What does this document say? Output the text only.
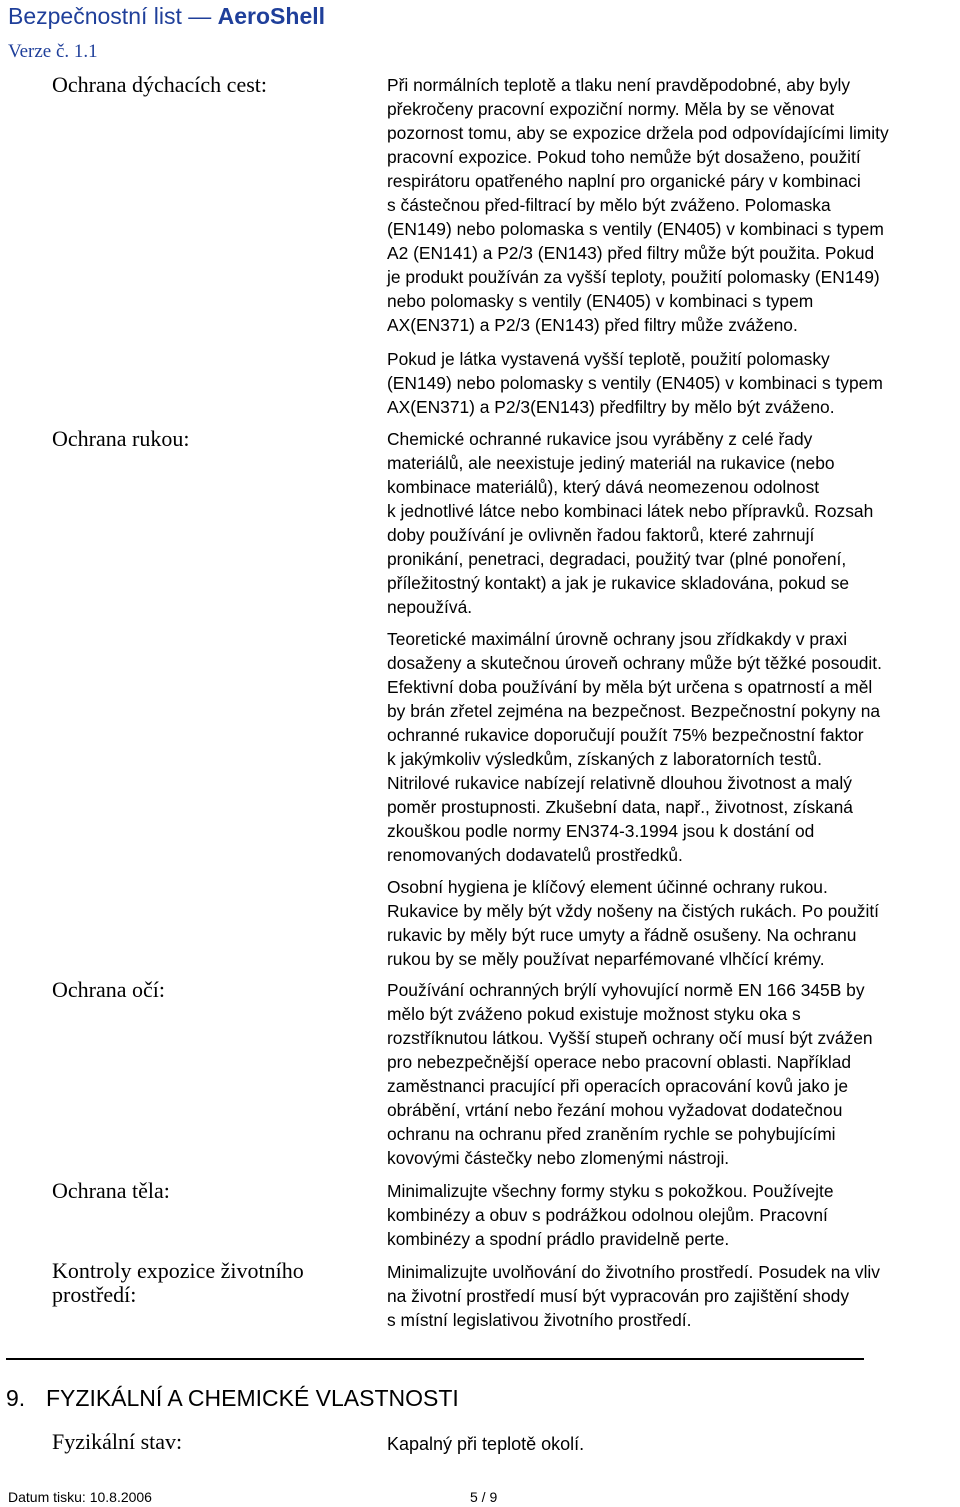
Bezpečnostní list — AeroShell
Verze č. 1.1
Ochrana dýchacích cest:	Při normálních teplotě a tlaku není pravděpodobné, aby byly
překročeny pracovní expoziční normy. Měla by se věnovat
pozornost tomu, aby se expozice držela pod odpovídajícími limity
pracovní expozice. Pokud toho nemůže být dosaženo, použití
respirátoru opatřeného naplní pro organické páry v kombinaci
s částečnou před-filtrací by mělo být zváženo. Polomaska
(EN149) nebo polomaska s ventily (EN405) v kombinaci s typem
A2 (EN141) a P2/3 (EN143) před filtry může být použita. Pokud
je produkt používán za vyšší teploty, použití polomasky (EN149)
nebo polomasky s ventily (EN405) v kombinaci s typem
AX(EN371) a P2/3 (EN143) před filtry může zváženo.

Pokud je látka vystavená vyšší teplotě, použití polomasky
(EN149) nebo polomasky s ventily (EN405) v kombinaci s typem
AX(EN371) a P2/3(EN143) předfiltry by mělo být zváženo.

Ochrana rukou:	Chemické ochranné rukavice jsou vyráběny z celé řady
materiálů, ale neexistuje jediný materiál na rukavice (nebo
kombinace materiálů), který dává neomezenou odolnost
k jednotlivé látce nebo kombinaci látek nebo přípravků. Rozsah
doby používání je ovlivněn řadou faktorů, které zahrnují
pronikání, penetraci, degradaci, použitý tvar (plné ponoření,
příležitostný kontakt) a jak je rukavice skladována, pokud se
nepoužívá.

Teoretické maximální úrovně ochrany jsou zřídkakdy v praxi
dosaženy a skutečnou úroveň ochrany může být těžké posoudit.
Efektivní doba používání by měla být určena s opatrností a měl
by brán zřetel zejména na bezpečnost. Bezpečnostní pokyny na
ochranné rukavice doporučují použít 75% bezpečnostní faktor
k jakýmkoliv výsledkům, získaných z laboratorních testů.
Nitrilové rukavice nabízejí relativně dlouhou životnost a malý
poměr prostupnosti. Zkušební data, např., životnost, získaná
zkouškou podle normy EN374-3.1994 jsou k dostání od
renomovaných dodavatelů prostředků.

Osobní hygiena je klíčový element účinné ochrany rukou.
Rukavice by měly být vždy nošeny na čistých rukách. Po použití
rukavic by měly být ruce umyty a řádně osušeny. Na ochranu
rukou by se měly používat neparfémované vlhčící krémy.

Ochrana očí:	Používání ochranných brýlí vyhovující normě EN 166 345B by
mělo být zváženo pokud existuje možnost styku oka s
rozstříknutou látkou. Vyšší stupeň ochrany očí musí být zvážen
pro nebezpečnější operace nebo pracovní oblasti. Například
zaměstnanci pracující při operacích opracování kovů jako je
obrábění, vrtání nebo řezání mohou vyžadovat dodatečnou
ochranu na ochranu před zraněním rychle se pohybujícími
kovovými částečky nebo zlomenými nástroji.

Ochrana těla:	Minimalizujte všechny formy styku s pokožkou. Používejte
kombinézy a obuv s podrážkou odolnou olejům. Pracovní
kombinézy a spodní prádlo pravidelně perte.

Kontroly expozice životního
prostředí:

Minimalizujte uvolňování do životního prostředí. Posudek na vliv
na životní prostředí musí být vypracován pro zajištění shody
s místní legislativou životního prostředí.

9. FYZIKÁLNÍ A CHEMICKÉ VLASTNOSTI
Fyzikální stav:	Kapalný při teplotě okolí.
Datum tisku: 10.8.2006	5 / 9
